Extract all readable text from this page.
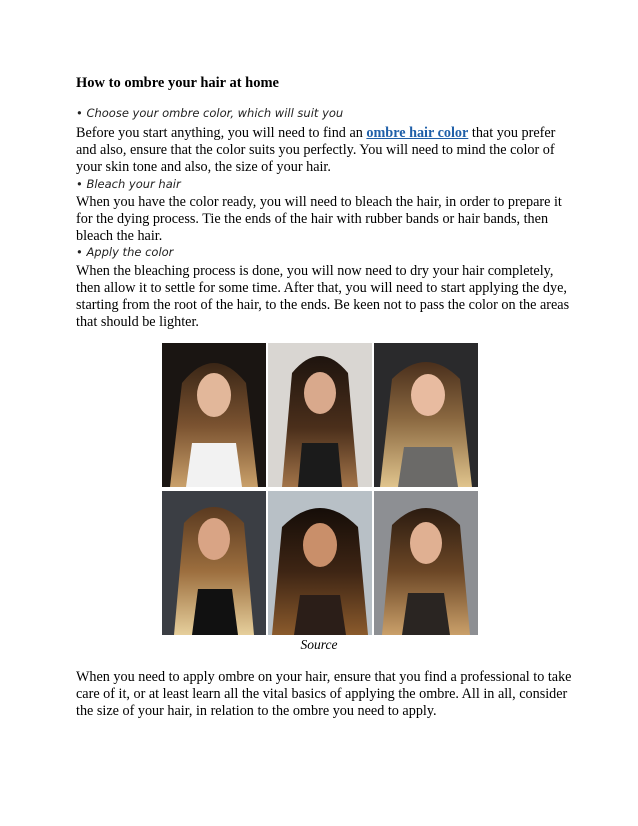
How to ombre your hair at home
• Choose your ombre color, which will suit you

Before you start anything, you will need to find an ombre hair color that you prefer and also, ensure that the color suits you perfectly. You will need to mind the color of your skin tone and also, the size of your hair.

• Bleach your hair
When you have the color ready, you will need to bleach the hair, in order to prepare it for the dying process. Tie the ends of the hair with rubber bands or hair bands, then bleach the hair.
• Apply the color
When the bleaching process is done, you will now need to dry your hair completely, then allow it to settle for some time. After that, you will need to start applying the dye, starting from the root of the hair, to the ends. Be keen not to pass the color on the areas that should be lighter.
Source
When you need to apply ombre on your hair, ensure that you find a professional to take care of it, or at least learn all the vital basics of applying the ombre. All in all, consider the size of your hair, in relation to the ombre you need to apply.
